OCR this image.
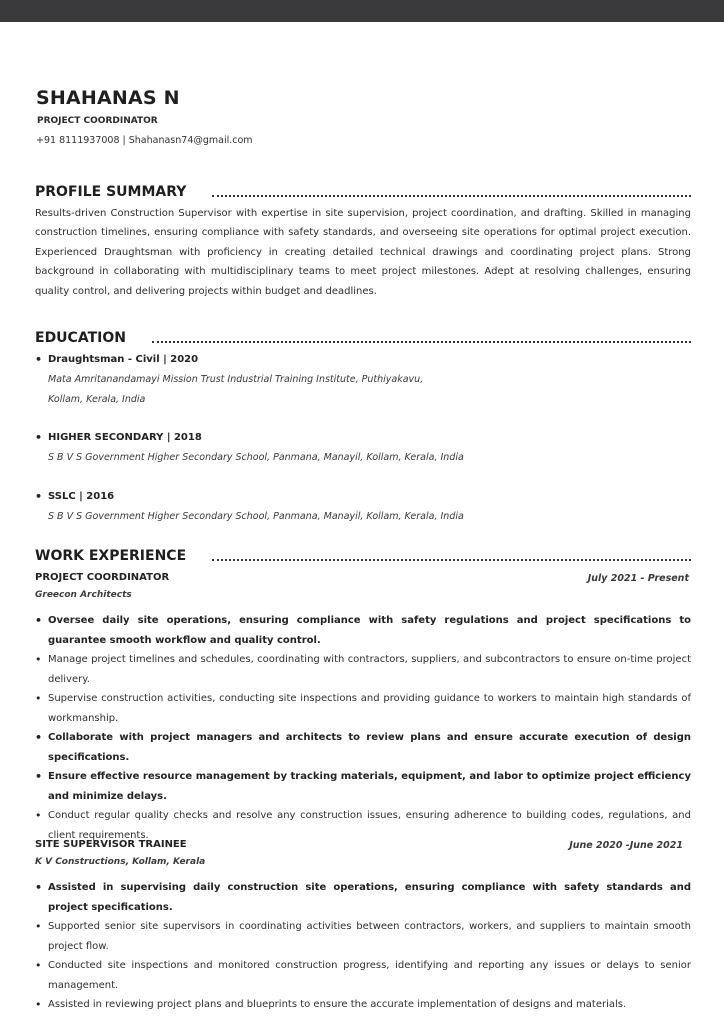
SHAHANAS N
PROJECT COORDINATOR
+91 8111937008 | Shahanasn74@gmail.com
PROFILE SUMMARY
Results-driven Construction Supervisor with expertise in site supervision, project coordination, and drafting. Skilled in managing construction timelines, ensuring compliance with safety standards, and overseeing site operations for optimal project execution. Experienced Draughtsman with proficiency in creating detailed technical drawings and coordinating project plans. Strong background in collaborating with multidisciplinary teams to meet project milestones. Adept at resolving challenges, ensuring quality control, and delivering projects within budget and deadlines.
EDUCATION
• Draughtsman - Civil | 2020
Mata Amritanandamayi Mission Trust Industrial Training Institute, Puthiyakavu,
Kollam, Kerala, India
• HIGHER SECONDARY | 2018
S B V S Government Higher Secondary School, Panmana, Manayil, Kollam, Kerala, India
• SSLC | 2016
S B V S Government Higher Secondary School, Panmana, Manayil, Kollam, Kerala, India
WORK EXPERIENCE
PROJECT COORDINATOR	July 2021 - Present
Greecon Architects
• Oversee daily site operations, ensuring compliance with safety regulations and project specifications to guarantee smooth workflow and quality control.
• Manage project timelines and schedules, coordinating with contractors, suppliers, and subcontractors to ensure on-time project delivery.
• Supervise construction activities, conducting site inspections and providing guidance to workers to maintain high standards of workmanship.
• Collaborate with project managers and architects to review plans and ensure accurate execution of design specifications.
• Ensure effective resource management by tracking materials, equipment, and labor to optimize project efficiency and minimize delays.
• Conduct regular quality checks and resolve any construction issues, ensuring adherence to building codes, regulations, and client requirements.
SITE SUPERVISOR TRAINEE	June 2020 -June 2021
K V Constructions, Kollam, Kerala
• Assisted in supervising daily construction site operations, ensuring compliance with safety standards and project specifications.
• Supported senior site supervisors in coordinating activities between contractors, workers, and suppliers to maintain smooth project flow.
• Conducted site inspections and monitored construction progress, identifying and reporting any issues or delays to senior management.
• Assisted in reviewing project plans and blueprints to ensure the accurate implementation of designs and materials.
